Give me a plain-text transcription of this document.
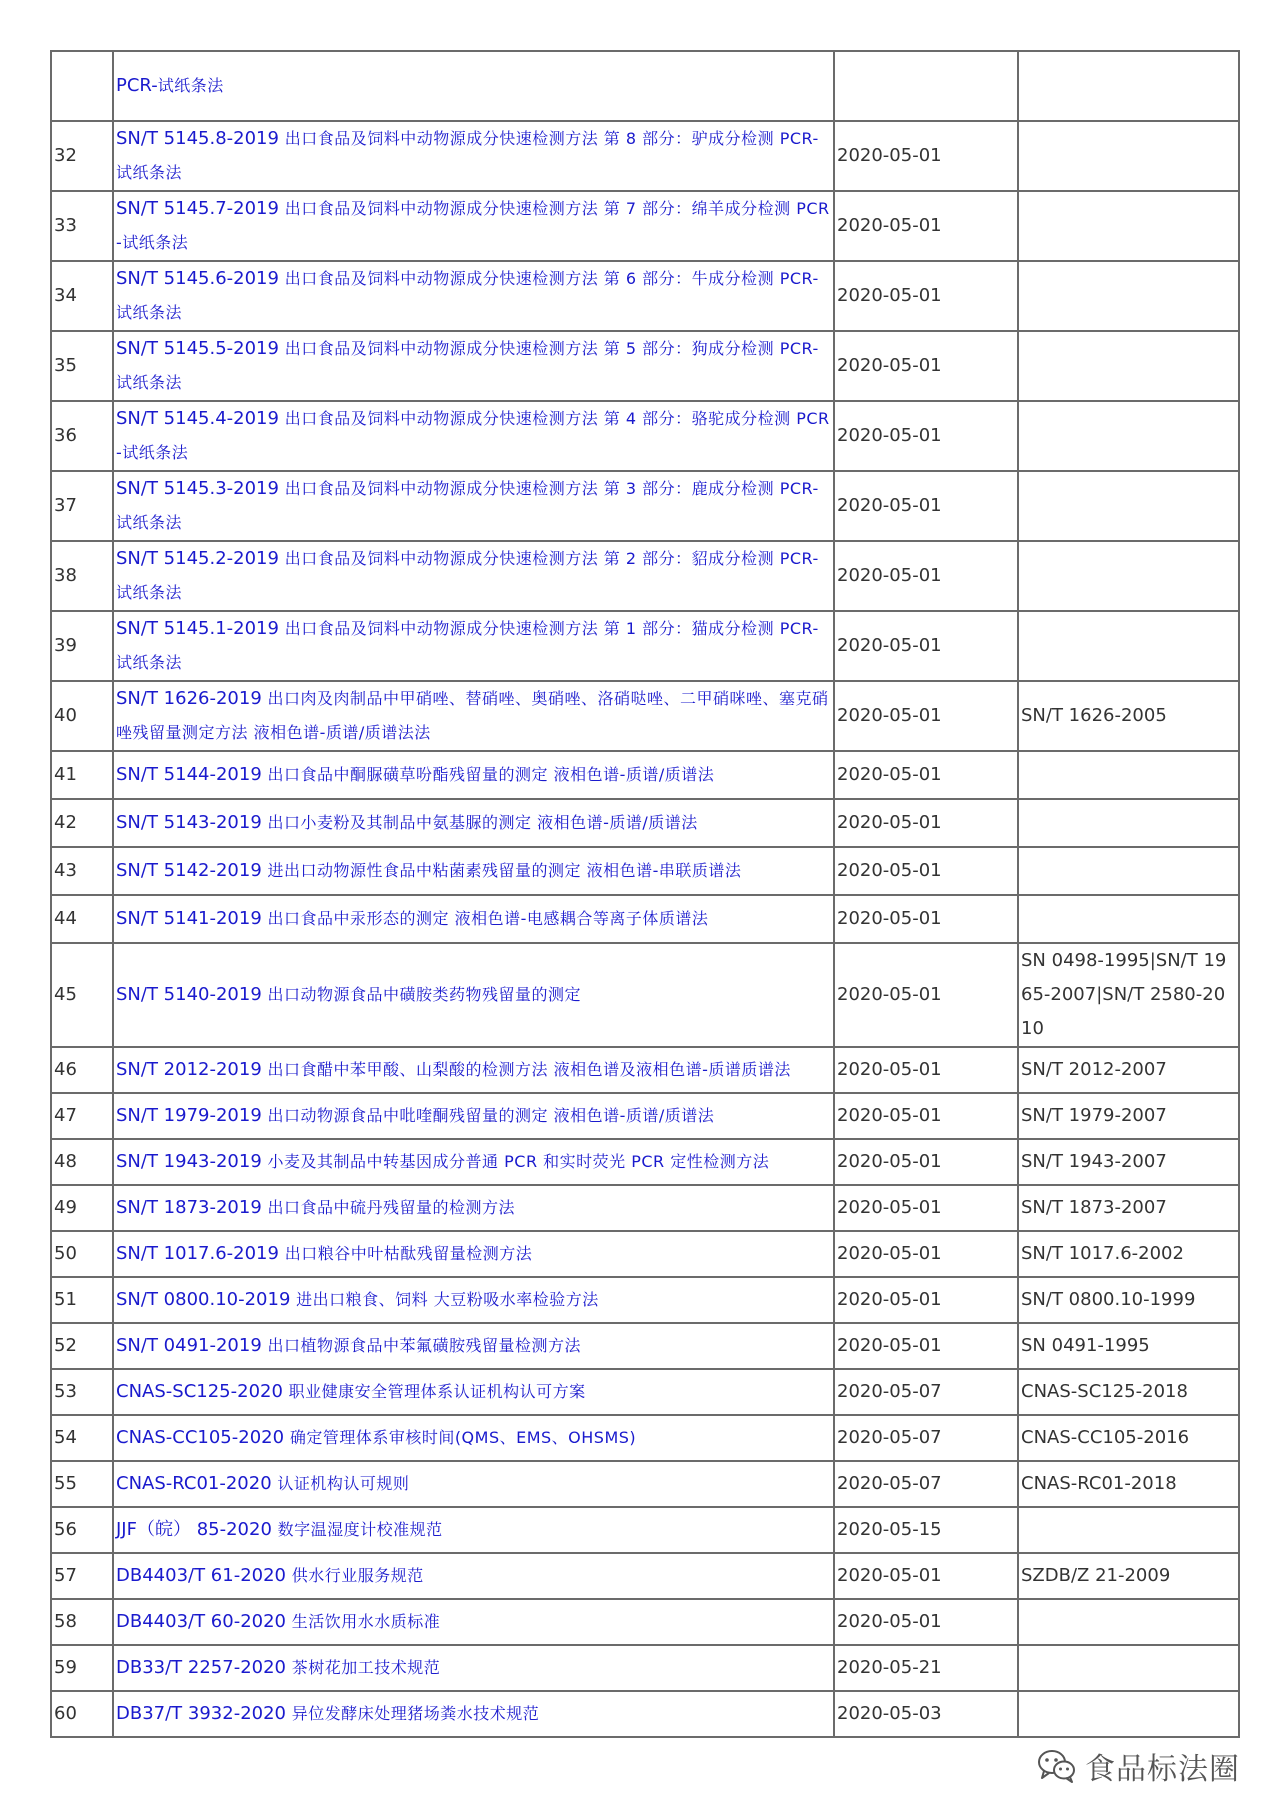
	PCR-试纸条法		
32	SN/T 5145.8-2019 出口食品及饲料中动物源成分快速检测方法 第 8 部分：驴成分检测 PCR-试纸条法	2020-05-01	
33	SN/T 5145.7-2019 出口食品及饲料中动物源成分快速检测方法 第 7 部分：绵羊成分检测 PCR-试纸条法	2020-05-01	
34	SN/T 5145.6-2019 出口食品及饲料中动物源成分快速检测方法 第 6 部分：牛成分检测 PCR-试纸条法	2020-05-01	
35	SN/T 5145.5-2019 出口食品及饲料中动物源成分快速检测方法 第 5 部分：狗成分检测 PCR-试纸条法	2020-05-01	
36	SN/T 5145.4-2019 出口食品及饲料中动物源成分快速检测方法 第 4 部分：骆驼成分检测 PCR-试纸条法	2020-05-01	
37	SN/T 5145.3-2019 出口食品及饲料中动物源成分快速检测方法 第 3 部分：鹿成分检测 PCR-试纸条法	2020-05-01	
38	SN/T 5145.2-2019 出口食品及饲料中动物源成分快速检测方法 第 2 部分：貂成分检测 PCR-试纸条法	2020-05-01	
39	SN/T 5145.1-2019 出口食品及饲料中动物源成分快速检测方法 第 1 部分：猫成分检测 PCR-试纸条法	2020-05-01	
40	SN/T 1626-2019 出口肉及肉制品中甲硝唑、替硝唑、奥硝唑、洛硝哒唑、二甲硝咪唑、塞克硝唑残留量测定方法 液相色谱-质谱/质谱法法	2020-05-01	SN/T 1626-2005
41	SN/T 5144-2019 出口食品中酮脲磺草吩酯残留量的测定 液相色谱-质谱/质谱法	2020-05-01	
42	SN/T 5143-2019 出口小麦粉及其制品中氨基脲的测定 液相色谱-质谱/质谱法	2020-05-01	
43	SN/T 5142-2019 进出口动物源性食品中粘菌素残留量的测定 液相色谱-串联质谱法	2020-05-01	
44	SN/T 5141-2019 出口食品中汞形态的测定 液相色谱-电感耦合等离子体质谱法	2020-05-01	
45	SN/T 5140-2019 出口动物源食品中磺胺类药物残留量的测定	2020-05-01	SN 0498-1995|SN/T 1965-2007|SN/T 2580-2010
46	SN/T 2012-2019 出口食醋中苯甲酸、山梨酸的检测方法 液相色谱及液相色谱-质谱质谱法	2020-05-01	SN/T 2012-2007
47	SN/T 1979-2019 出口动物源食品中吡喹酮残留量的测定 液相色谱-质谱/质谱法	2020-05-01	SN/T 1979-2007
48	SN/T 1943-2019 小麦及其制品中转基因成分普通 PCR 和实时荧光 PCR 定性检测方法	2020-05-01	SN/T 1943-2007
49	SN/T 1873-2019 出口食品中硫丹残留量的检测方法	2020-05-01	SN/T 1873-2007
50	SN/T 1017.6-2019 出口粮谷中叶枯酞残留量检测方法	2020-05-01	SN/T 1017.6-2002
51	SN/T 0800.10-2019 进出口粮食、饲料 大豆粉吸水率检验方法	2020-05-01	SN/T 0800.10-1999
52	SN/T 0491-2019 出口植物源食品中苯氟磺胺残留量检测方法	2020-05-01	SN 0491-1995
53	CNAS-SC125-2020 职业健康安全管理体系认证机构认可方案	2020-05-07	CNAS-SC125-2018
54	CNAS-CC105-2020 确定管理体系审核时间(QMS、EMS、OHSMS)	2020-05-07	CNAS-CC105-2016
55	CNAS-RC01-2020 认证机构认可规则	2020-05-07	CNAS-RC01-2018
56	JJF（皖） 85-2020 数字温湿度计校准规范	2020-05-15	
57	DB4403/T 61-2020 供水行业服务规范	2020-05-01	SZDB/Z 21-2009
58	DB4403/T 60-2020 生活饮用水水质标准	2020-05-01	
59	DB33/T 2257-2020 茶树花加工技术规范	2020-05-21	
60	DB37/T 3932-2020 异位发酵床处理猪场粪水技术规范	2020-05-03	
食品标法圈
